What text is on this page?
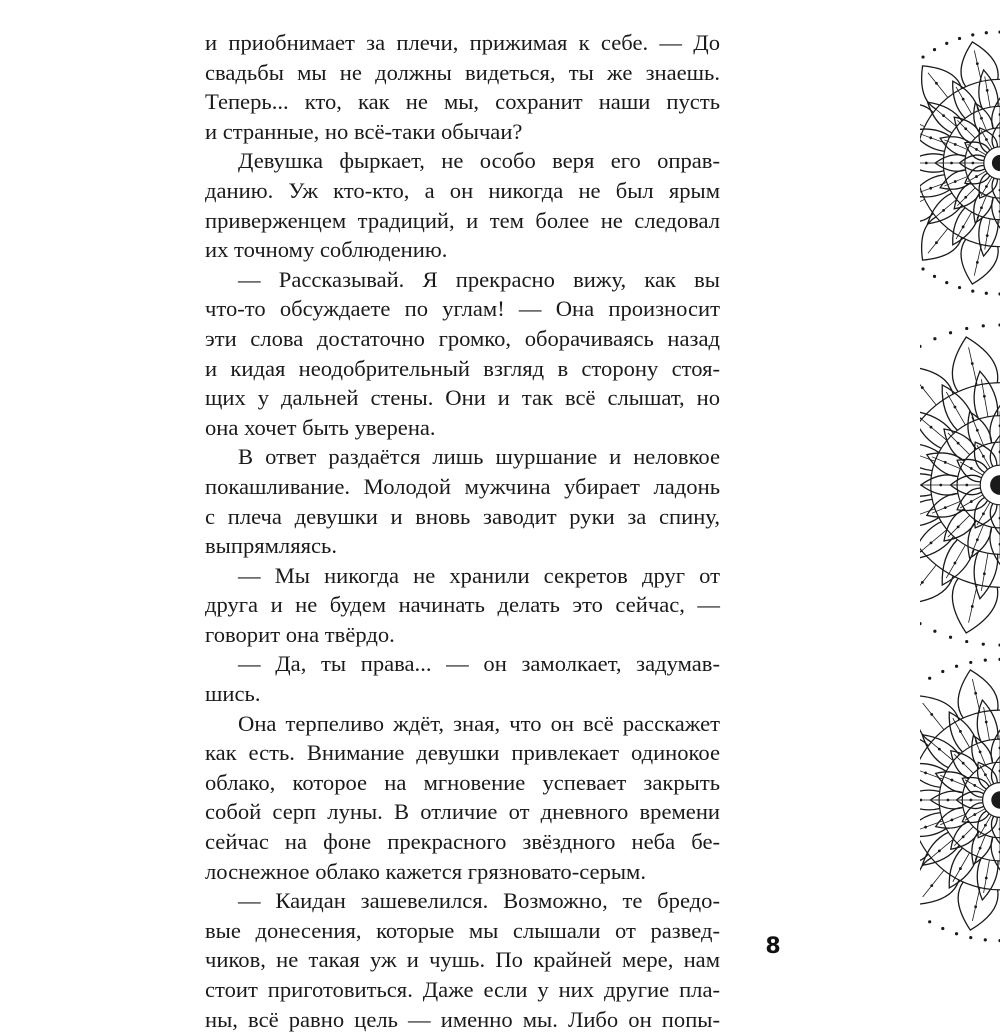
и приобнимает за плечи, прижимая к себе. — До
свадьбы мы не должны видеться, ты же знаешь.
Теперь... кто, как не мы, сохранит наши пусть
и странные, но всё-таки обычаи?
Девушка фыркает, не особо веря его оправ-
данию. Уж кто-кто, а он никогда не был ярым
приверженцем традиций, и тем более не следовал
их точному соблюдению.
— Рассказывай. Я прекрасно вижу, как вы
что-то обсуждаете по углам! — Она произносит
эти слова достаточно громко, оборачиваясь назад
и кидая неодобрительный взгляд в сторону стоя-
щих у дальней стены. Они и так всё слышат, но
она хочет быть уверена.
В ответ раздаётся лишь шуршание и неловкое
покашливание. Молодой мужчина убирает ладонь
с плеча девушки и вновь заводит руки за спину,
выпрямляясь.
— Мы никогда не хранили секретов друг от
друга и не будем начинать делать это сейчас, —
говорит она твёрдо.
— Да, ты права... — он замолкает, задумав-
шись.
Она терпеливо ждёт, зная, что он всё расскажет
как есть. Внимание девушки привлекает одинокое
облако, которое на мгновение успевает закрыть
собой серп луны. В отличие от дневного времени
сейчас на фоне прекрасного звёздного неба бе-
лоснежное облако кажется грязновато-серым.
— Каидан зашевелился. Возможно, те бредо-
вые донесения, которые мы слышали от развед-
чиков, не такая уж и чушь. По крайней мере, нам
стоит приготовиться. Даже если у них другие пла-
ны, всё равно цель — именно мы. Либо он попы-
8
